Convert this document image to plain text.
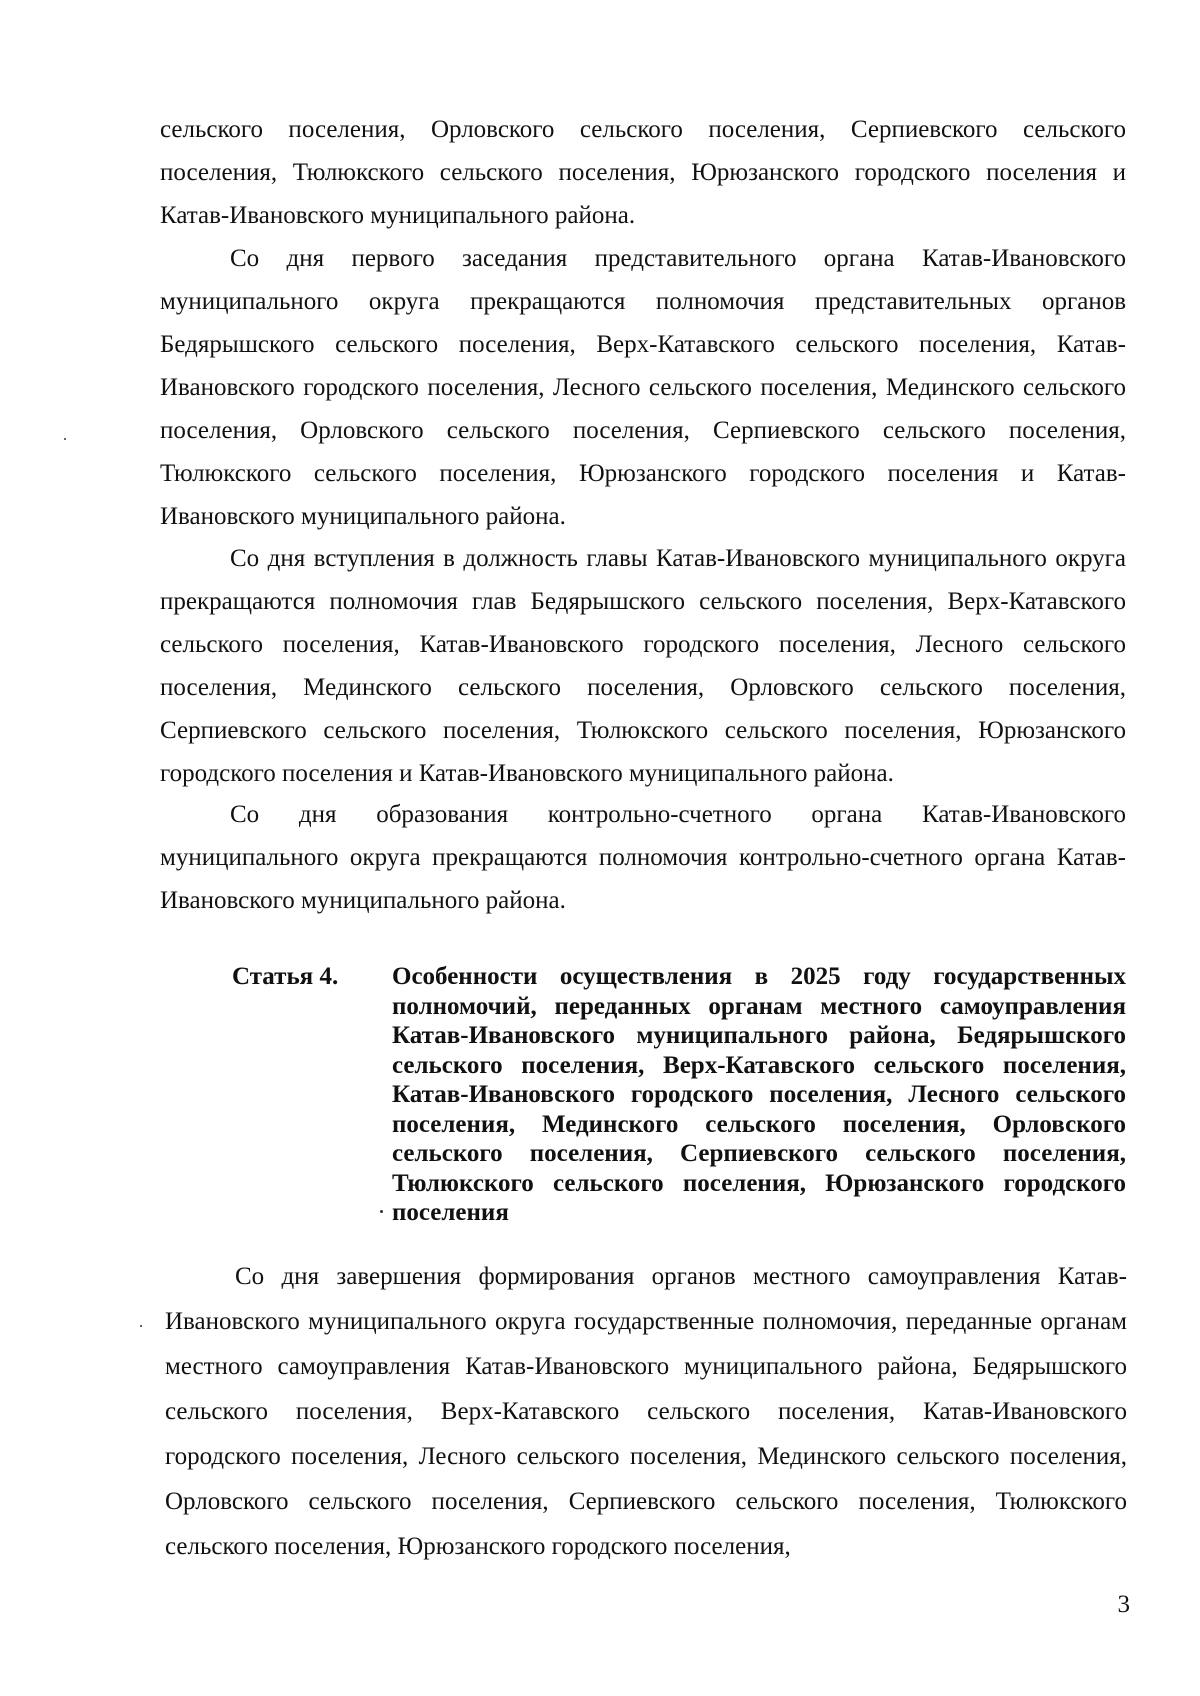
сельского поселения, Орловского сельского поселения, Серпиевского сельского поселения, Тюлюкского сельского поселения, Юрюзанского городского поселения и Катав-Ивановского муниципального района.

Со дня первого заседания представительного органа Катав-Ивановского муниципального округа прекращаются полномочия представительных органов Бедярышского сельского поселения, Верх-Катавского сельского поселения, Катав-Ивановского городского поселения, Лесного сельского поселения, Мединского сельского поселения, Орловского сельского поселения, Серпиевского сельского поселения, Тюлюкского сельского поселения, Юрюзанского городского поселения и Катав-Ивановского муниципального района.

Со дня вступления в должность главы Катав-Ивановского муниципального округа прекращаются полномочия глав Бедярышского сельского поселения, Верх-Катавского сельского поселения, Катав-Ивановского городского поселения, Лесного сельского поселения, Мединского сельского поселения, Орловского сельского поселения, Серпиевского сельского поселения, Тюлюкского сельского поселения, Юрюзанского городского поселения и Катав-Ивановского муниципального района.

Со дня образования контрольно-счетного органа Катав-Ивановского муниципального округа прекращаются полномочия контрольно-счетного органа Катав-Ивановского муниципального района.

Статья 4. Особенности осуществления в 2025 году государственных полномочий, переданных органам местного самоуправления Катав-Ивановского муниципального района, Бедярышского сельского поселения, Верх-Катавского сельского поселения, Катав-Ивановского городского поселения, Лесного сельского поселения, Мединского сельского поселения, Орловского сельского поселения, Серпиевского сельского поселения, Тюлюкского сельского поселения, Юрюзанского городского поселения

Со дня завершения формирования органов местного самоуправления Катав-Ивановского муниципального округа государственные полномочия, переданные органам местного самоуправления Катав-Ивановского муниципального района, Бедярышского сельского поселения, Верх-Катавского сельского поселения, Катав-Ивановского городского поселения, Лесного сельского поселения, Мединского сельского поселения, Орловского сельского поселения, Серпиевского сельского поселения, Тюлюкского сельского поселения, Юрюзанского городского поселения,

3
